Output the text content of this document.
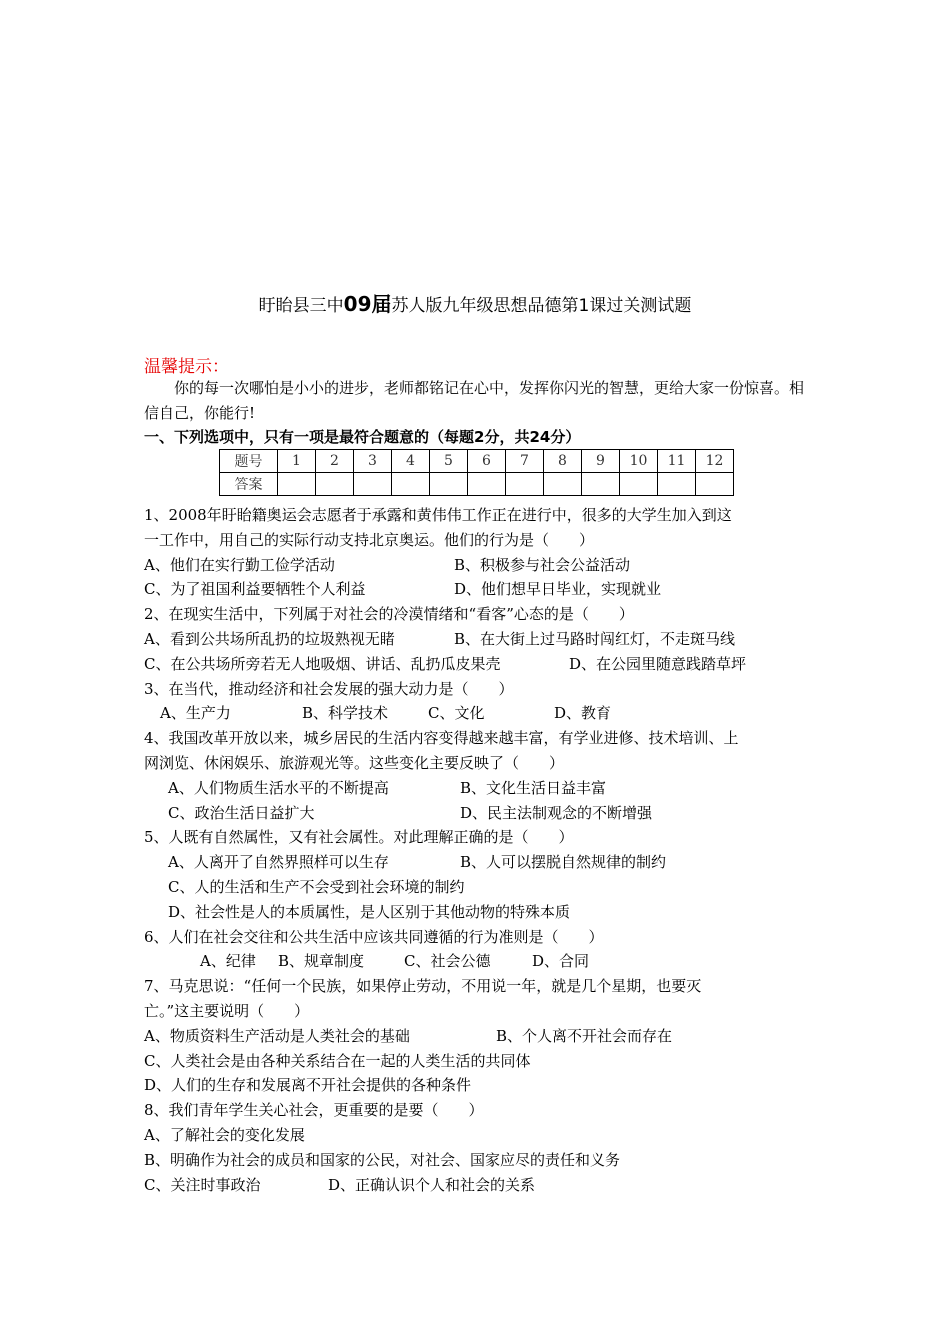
盱眙县三中09届苏人版九年级思想品德第1课过关测试题
温馨提示：
你的每一次哪怕是小小的进步，老师都铭记在心中，发挥你闪光的智慧，更给大家一份惊喜。相信自己，你能行!
一、下列选项中，只有一项是最符合题意的（每题2分，共24分）
题号	1	2	3	4	5	6	7	8	9	10	11	12
答案												
1、2008年盱眙籍奥运会志愿者于承露和黄伟伟工作正在进行中，很多的大学生加入到这
一工作中，用自己的实际行动支持北京奥运。他们的行为是（　　）
A、他们在实行勤工俭学活动	B、积极参与社会公益活动
C、为了祖国利益要牺牲个人利益	D、他们想早日毕业，实现就业
2、在现实生活中，下列属于对社会的冷漠情绪和“看客”心态的是（　　）
A、看到公共场所乱扔的垃圾熟视无睹	B、在大街上过马路时闯红灯，不走斑马线
C、在公共场所旁若无人地吸烟、讲话、乱扔瓜皮果壳	D、在公园里随意践踏草坪
3、在当代，推动经济和社会发展的强大动力是（　　）
A、生产力	B、科学技术	C、文化	D、教育
4、我国改革开放以来，城乡居民的生活内容变得越来越丰富，有学业进修、技术培训、上
网浏览、休闲娱乐、旅游观光等。这些变化主要反映了（　　）
A、人们物质生活水平的不断提高	B、文化生活日益丰富
C、政治生活日益扩大	D、民主法制观念的不断增强
5、人既有自然属性，又有社会属性。对此理解正确的是（　　）
A、人离开了自然界照样可以生存	B、人可以摆脱自然规律的制约
C、人的生活和生产不会受到社会环境的制约
D、社会性是人的本质属性，是人区别于其他动物的特殊本质
6、人们在社会交往和公共生活中应该共同遵循的行为准则是（　　）
A、纪律 B、规章制度	C、社会公德	D、合同
7、马克思说：“任何一个民族，如果停止劳动，不用说一年，就是几个星期，也要灭
亡。”这主要说明（　　）
A、物质资料生产活动是人类社会的基础	B、个人离不开社会而存在
C、人类社会是由各种关系结合在一起的人类生活的共同体
D、人们的生存和发展离不开社会提供的各种条件
8、我们青年学生关心社会，更重要的是要（　　）
A、了解社会的变化发展
B、明确作为社会的成员和国家的公民，对社会、国家应尽的责任和义务
C、关注时事政治	D、正确认识个人和社会的关系
